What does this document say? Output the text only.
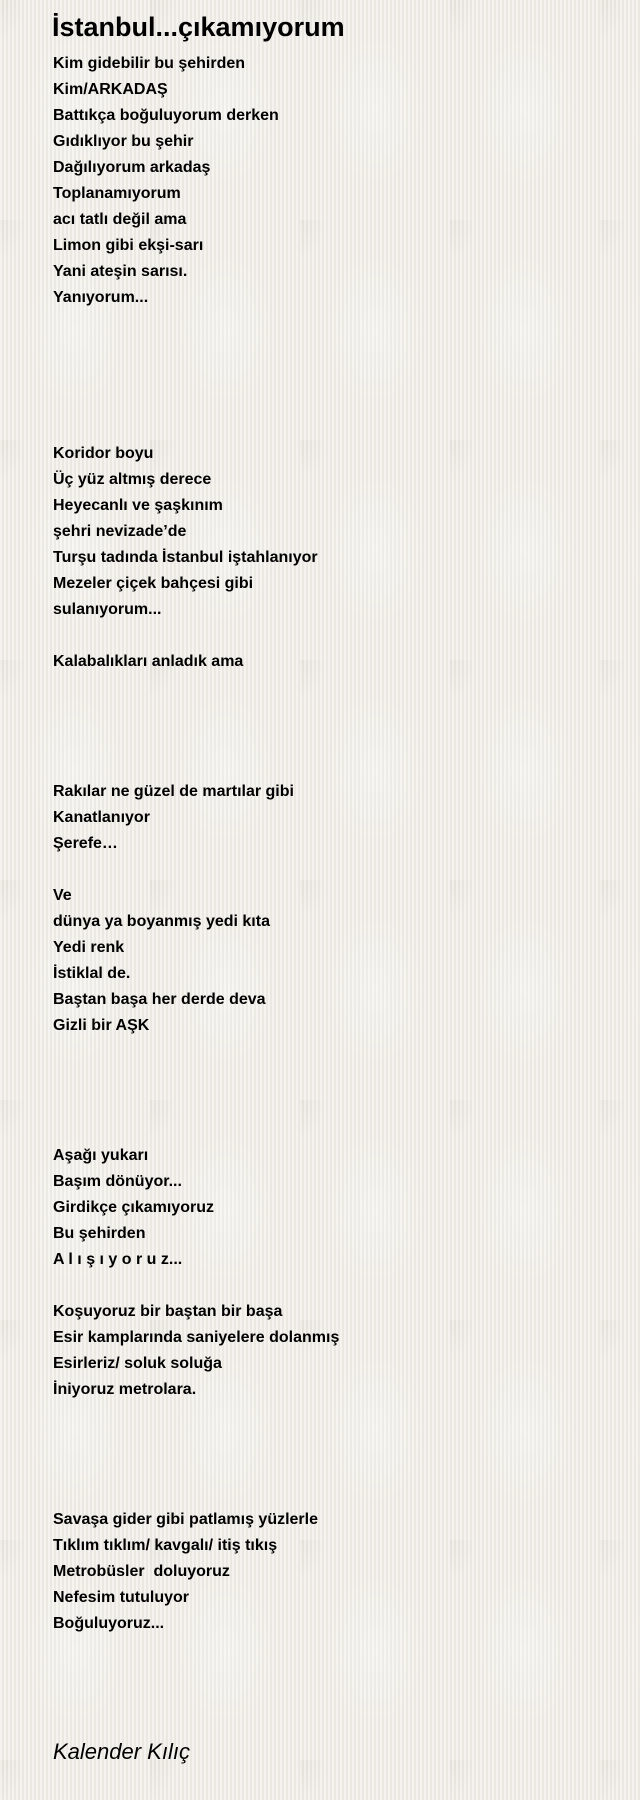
İstanbul...çıkamıyorum
Kim gidebilir bu şehirden
Kim/ARKADAŞ
Battıkça boğuluyorum derken
Gıdıklıyor bu şehir
Dağılıyorum arkadaş
Toplanamıyorum
acı tatlı değil ama
Limon gibi ekşi-sarı
Yani ateşin sarısı.
Yanıyorum...
Koridor boyu
Üç yüz altmış derece
Heyecanlı ve şaşkınım
şehri nevizade’de
Turşu tadında İstanbul iştahlanıyor
Mezeler çiçek bahçesi gibi
sulanıyorum...
Kalabalıkları anladık ama
Rakılar ne güzel de martılar gibi
Kanatlanıyor
Şerefe…
Ve
dünya ya boyanmış yedi kıta
Yedi renk
İstiklal de.
Baştan başa her derde deva
Gizli bir AŞK
Aşağı yukarı
Başım dönüyor...
Girdikçe çıkamıyoruz
Bu şehirden
A l ı ş ı y o r u z...
Koşuyoruz bir baştan bir başa
Esir kamplarında saniyelere dolanmış
Esirleriz/ soluk soluğa
İniyoruz metrolara.
Savaşa gider gibi patlamış yüzlerle
Tıklım tıklım/ kavgalı/ itiş tıkış
Metrobüsler  doluyoruz
Nefesim tutuluyor
Boğuluyoruz...
Kalender Kılıç
